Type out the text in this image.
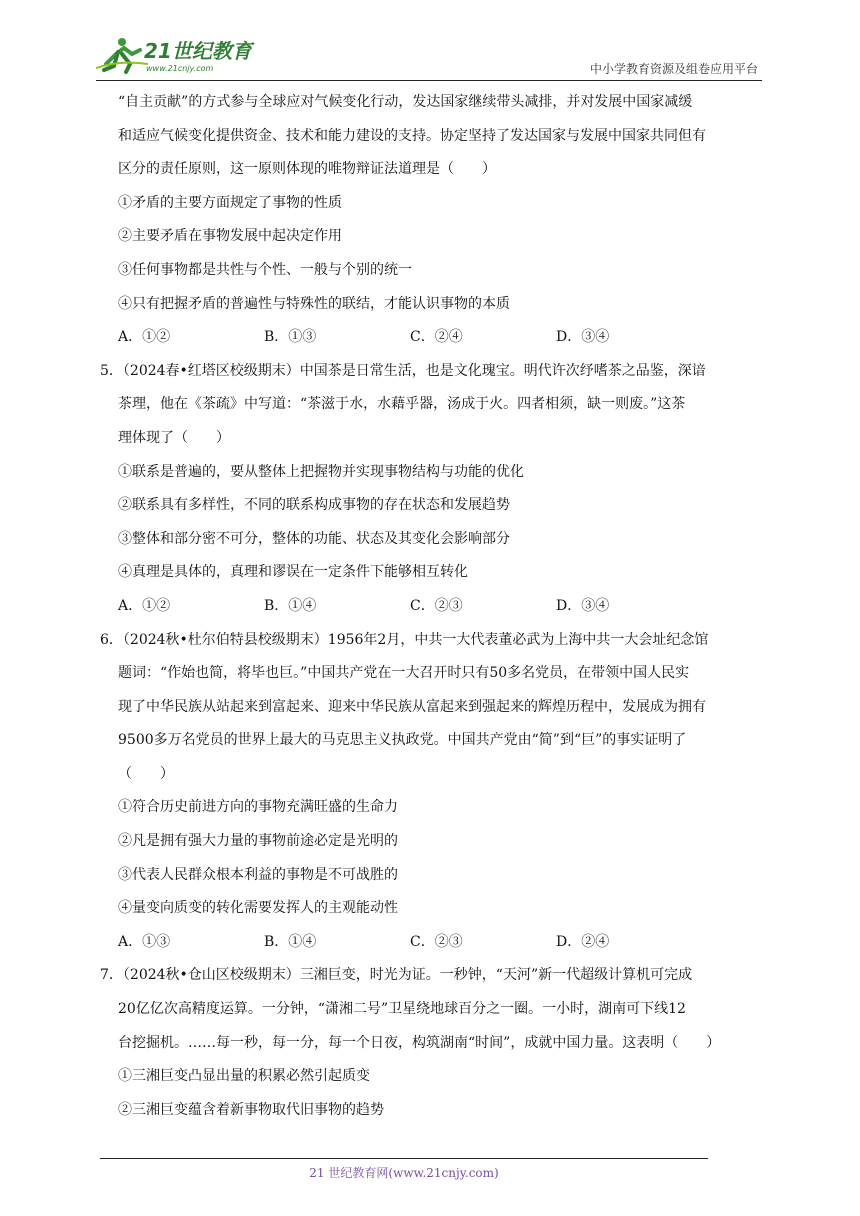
21世纪教育
www.21cnjy.com	中小学教育资源及组卷应用平台
“自主贡献”的方式参与全球应对气候变化行动，发达国家继续带头减排，并对发展中国家减缓
和适应气候变化提供资金、技术和能力建设的支持。协定坚持了发达国家与发展中国家共同但有
区分的责任原则，这一原则体现的唯物辩证法道理是（　　）
①矛盾的主要方面规定了事物的性质
②主要矛盾在事物发展中起决定作用
③任何事物都是共性与个性、一般与个别的统一
④只有把握矛盾的普遍性与特殊性的联结，才能认识事物的本质
A．①②	B．①③	C．②④	D．③④
5．（2024春•红塔区校级期末）中国茶是日常生活，也是文化瑰宝。明代许次纾嗜茶之品鉴，深谙
茶理，他在《茶疏》中写道：“茶滋于水，水藉乎器，汤成于火。四者相须，缺一则废。”这茶
理体现了（　　）
①联系是普遍的，要从整体上把握物并实现事物结构与功能的优化
②联系具有多样性，不同的联系构成事物的存在状态和发展趋势
③整体和部分密不可分，整体的功能、状态及其变化会影响部分
④真理是具体的，真理和谬误在一定条件下能够相互转化
A．①②	B．①④	C．②③	D．③④
6．（2024秋•杜尔伯特县校级期末）1956年2月，中共一大代表董必武为上海中共一大会址纪念馆
题词：“作始也简，将毕也巨。”中国共产党在一大召开时只有50多名党员，在带领中国人民实
现了中华民族从站起来到富起来、迎来中华民族从富起来到强起来的辉煌历程中，发展成为拥有
9500多万名党员的世界上最大的马克思主义执政党。中国共产党由“简”到“巨”的事实证明了
（　　）
①符合历史前进方向的事物充满旺盛的生命力
②凡是拥有强大力量的事物前途必定是光明的
③代表人民群众根本利益的事物是不可战胜的
④量变向质变的转化需要发挥人的主观能动性
A．①③	B．①④	C．②③	D．②④
7．（2024秋•仓山区校级期末）三湘巨变，时光为证。一秒钟，“天河”新一代超级计算机可完成
20亿亿次高精度运算。一分钟，“潇湘二号”卫星绕地球百分之一圈。一小时，湖南可下线12
台挖掘机。……每一秒，每一分，每一个日夜，构筑湖南“时间”，成就中国力量。这表明（　　）
①三湘巨变凸显出量的积累必然引起质变
②三湘巨变蕴含着新事物取代旧事物的趋势
21 世纪教育网(www.21cnjy.com)
